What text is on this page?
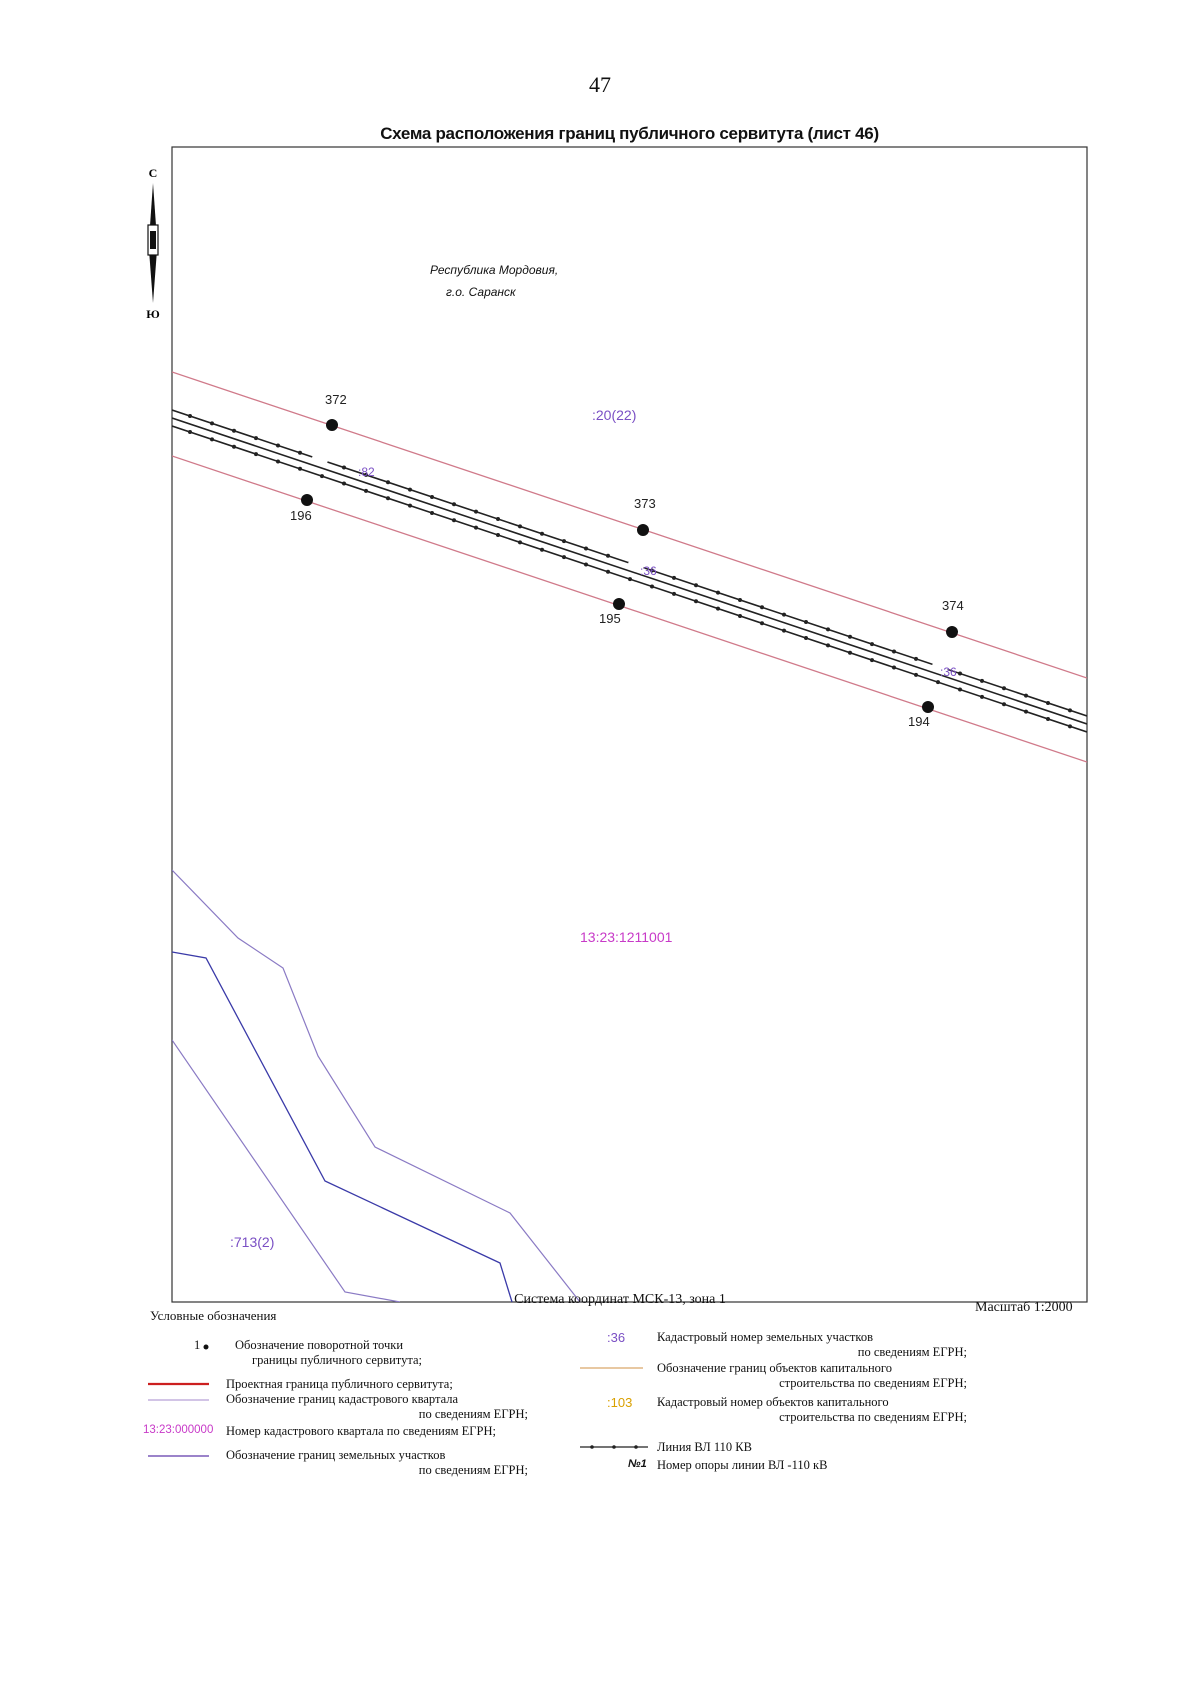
47
Схема расположения границ публичного сервитута (лист 46)
С
Ю
Республика Мордовия,
г.о. Саранск
372
373
374
196
195
194
:20(22)
:82
:36
:36
:713(2)
13:23:1211001
Система координат МСК-13, зона 1
Масштаб 1:2000
Условные обозначения
1	Обозначение поворотной точки
границы публичного сервитута;
Проектная граница публичного сервитута;
Обозначение границ кадастрового квартала
по сведениям ЕГРН;
13:23:000000 Номер кадастрового квартала по сведениям ЕГРН;
Обозначение границ земельных участков
по сведениям ЕГРН;
:36	Кадастровый номер земельных участков
по сведениям ЕГРН;
Обозначение границ объектов капитального
строительства по сведениям ЕГРН;
:103 Кадастровый номер объектов капитального
строительства по сведениям ЕГРН;
Линия ВЛ 110 КВ
№1 Номер опоры линии ВЛ -110 кВ
